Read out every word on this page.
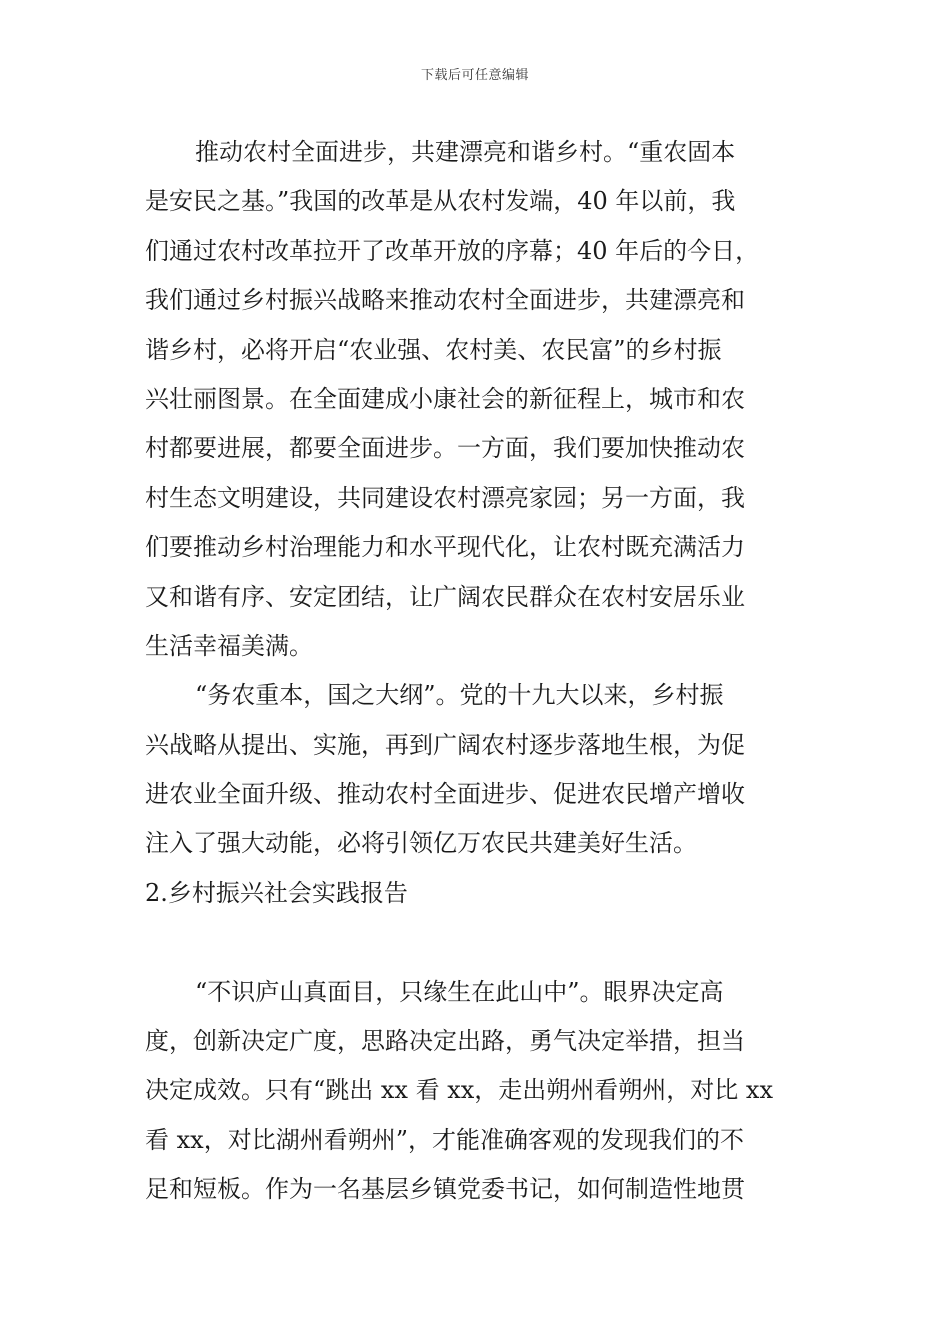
下载后可任意编辑
推动农村全面进步，共建漂亮和谐乡村。“重农固本
是安民之基。”我国的改革是从农村发端，40 年以前，我
们通过农村改革拉开了改革开放的序幕；40 年后的今日，
我们通过乡村振兴战略来推动农村全面进步，共建漂亮和
谐乡村，必将开启“农业强、农村美、农民富”的乡村振
兴壮丽图景。在全面建成小康社会的新征程上，城市和农
村都要进展，都要全面进步。一方面，我们要加快推动农
村生态文明建设，共同建设农村漂亮家园；另一方面，我
们要推动乡村治理能力和水平现代化，让农村既充满活力
又和谐有序、安定团结，让广阔农民群众在农村安居乐业
生活幸福美满。
“务农重本，国之大纲”。党的十九大以来，乡村振
兴战略从提出、实施，再到广阔农村逐步落地生根，为促
进农业全面升级、推动农村全面进步、促进农民增产增收
注入了强大动能，必将引领亿万农民共建美好生活。
2.乡村振兴社会实践报告
“不识庐山真面目，只缘生在此山中”。眼界决定高
度，创新决定广度，思路决定出路，勇气决定举措，担当
决定成效。只有“跳出 xx 看 xx，走出朔州看朔州，对比 xx
看 xx，对比湖州看朔州”，才能准确客观的发现我们的不
足和短板。作为一名基层乡镇党委书记，如何制造性地贯
